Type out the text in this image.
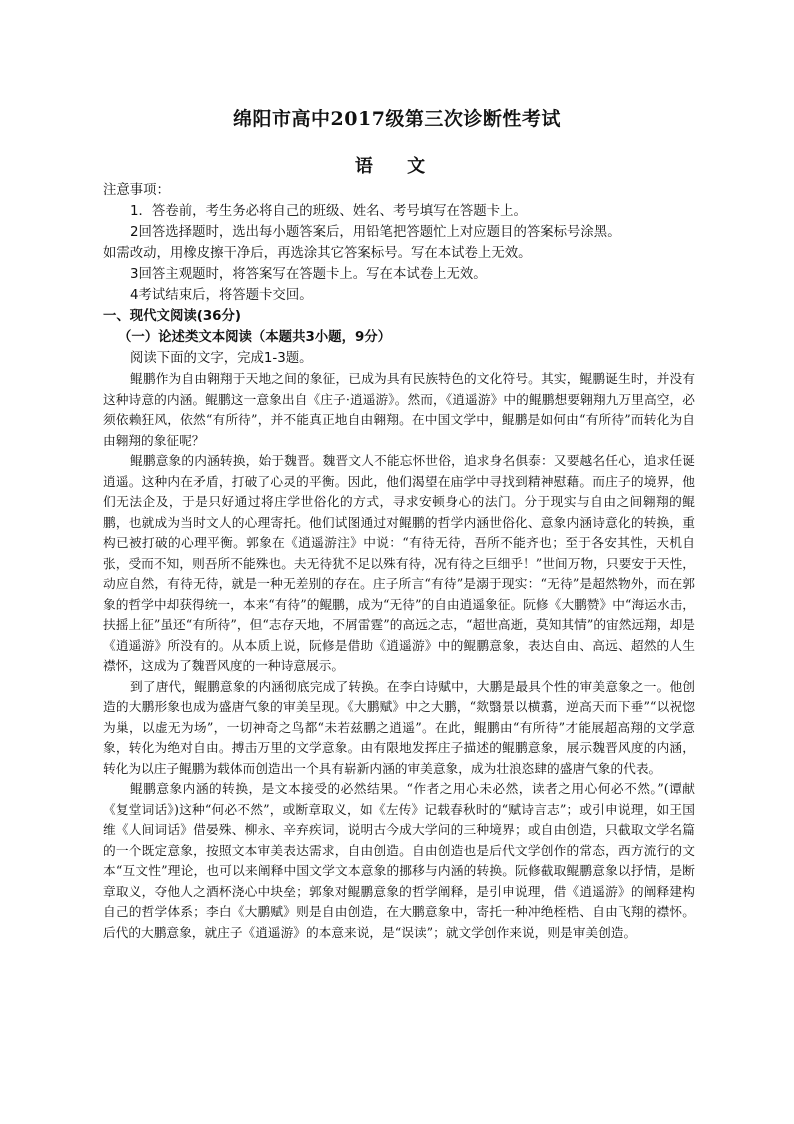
绵阳市高中2017级第三次诊断性考试
语 文
注意事项：
1．答卷前，考生务必将自己的班级、姓名、考号填写在答题卡上。
2回答选择题时，选出每小题答案后，用铅笔把答题忙上对应题目的答案标号涂黑。
如需改动，用橡皮擦干净后，再选涂其它答案标号。写在本试卷上无效。
3回答主观题时，将答案写在答题卡上。写在本试卷上无效。
4考试结束后，将答题卡交回。
一、现代文阅读(36分)
（一）论述类文本阅读（本题共3小题，9分）
阅读下面的文字，完成1-3题。

鲲鹏作为自由翱翔于天地之间的象征，已成为具有民族特色的文化符号。其实，鲲鹏诞生时，并没有这种诗意的内涵。鲲鹏这一意象出自《庄子·逍遥游》。然而，《逍遥游》中的鲲鹏想要翱翔九万里高空，必须依赖狂风，依然“有所待”，并不能真正地自由翱翔。在中国文学中，鲲鹏是如何由“有所待”而转化为自由翱翔的象征呢？

鲲鹏意象的内涵转换，始于魏晋。魏晋文人不能忘怀世俗，追求身名俱泰：又要越名任心，追求任诞逍遥。这种内在矛盾，打破了心灵的平衡。因此，他们渴望在庙学中寻找到精神慰藉。而庄子的境界，他们无法企及，于是只好通过将庄学世俗化的方式，寻求安顿身心的法门。分于现实与自由之间翱翔的鲲鹏，也就成为当时文人的心理寄托。他们试图通过对鲲鹏的哲学内涵世俗化、意象内涵诗意化的转换，重构已被打破的心理平衡。郭象在《逍遥游注》中说：“有待无待，吾所不能齐也；至于各安其性，天机自张，受而不知，则吾所不能殊也。夫无待犹不足以殊有待，况有待之巨细乎！”世间万物，只要安于天性，动应自然，有待无待，就是一种无差别的存在。庄子所言“有待”是溺于现实：“无待”是超然物外，而在郭象的哲学中却获得统一，本来“有待”的鲲鹏，成为“无待”的自由逍遥象征。阮修《大鹏赞》中“海运水击，扶摇上征”虽还“有所待”，但“志存天地，不屑雷霆”的高远之志，“超世高逝，莫知其情”的宙然远翔，却是《逍遥游》所没有的。从本质上说，阮修是借助《逍遥游》中的鲲鹏意象，表达自由、高远、超然的人生襟怀，这成为了魏晋风度的一种诗意展示。

到了唐代，鲲鹏意象的内涵彻底完成了转换。在李白诗赋中，大鹏是最具个性的审美意象之一。他创造的大鹏形象也成为盛唐气象的审美呈现。《大鹏赋》中之大鹏，“欻翳景以横翥，逆高天而下垂”“以祝惚为巢，以虚无为场”，一切神奇之鸟都“未若兹鹏之逍遥”。在此，鲲鹏由“有所待”才能展超高翔的文学意象，转化为绝对自由。搏击万里的文学意象。由有限地发挥庄子描述的鲲鹏意象，展示魏晋风度的内涵，转化为以庄子鲲鹏为载体而创造出一个具有崭新内涵的审美意象，成为壮浪恣肆的盛唐气象的代表。

鲲鹏意象内涵的转换，是文本接受的必然结果。“作者之用心未必然，读者之用心何必不然。”(谭献《复堂词话》)这种“何必不然”，或断章取义，如《左传》记载春秋时的“赋诗言志”；或引申说理，如王国维《人间词话》借晏殊、柳永、辛弃疾词，说明古今成大学问的三种境界；或自由创造，只截取文学名篇的一个既定意象，按照文本审美表达需求，自由创造。自由创造也是后代文学创作的常态，西方流行的文本“互文性”理论，也可以来阐释中国文学文本意象的挪移与内涵的转换。阮修截取鲲鹏意象以抒情，是断章取义，夺他人之酒杯浇心中块垒；郭象对鲲鹏意象的哲学阐释，是引申说理，借《逍遥游》的阐释建构自己的哲学体系；李白《大鹏赋》则是自由创造，在大鹏意象中，寄托一种冲绝桎梏、自由飞翔的襟怀。后代的大鹏意象，就庄子《逍遥游》的本意来说，是“误读”；就文学创作来说，则是审美创造。
